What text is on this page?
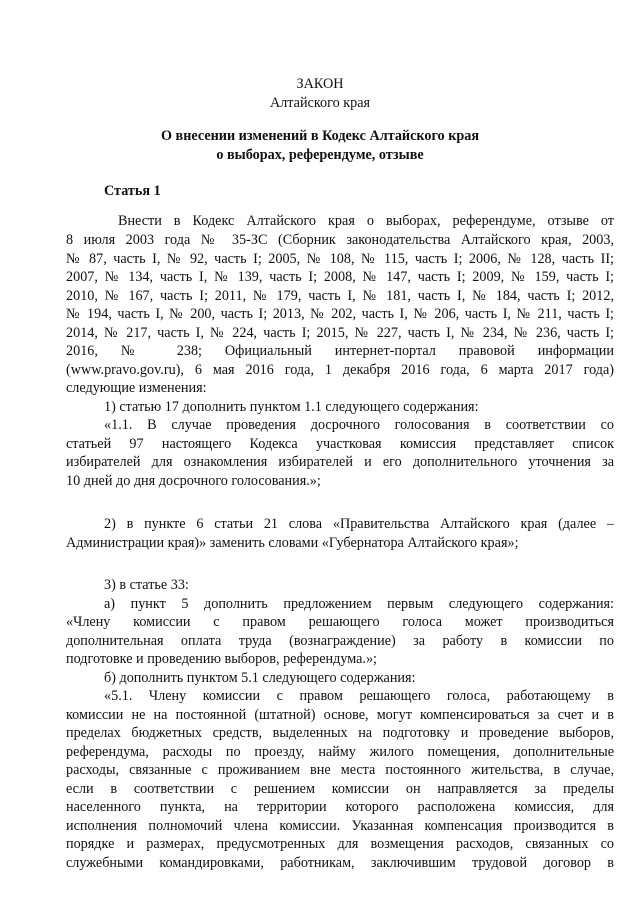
ЗАКОН
Алтайского края
О внесении изменений в Кодекс Алтайского края
о выборах, референдуме, отзыве
Статья 1
Внести в Кодекс Алтайского края о выборах, референдуме, отзыве от
8 июля 2003 года № 35-ЗС (Сборник законодательства Алтайского края, 2003,
№ 87, часть I, № 92, часть I; 2005, № 108, № 115, часть I; 2006, № 128, часть II;
2007, № 134, часть I, № 139, часть I; 2008, № 147, часть I; 2009, № 159, часть I;
2010, № 167, часть I; 2011, № 179, часть I, № 181, часть I, № 184, часть I; 2012,
№ 194, часть I, № 200, часть I; 2013, № 202, часть I, № 206, часть I, № 211, часть I;
2014, № 217, часть I, № 224, часть I; 2015, № 227, часть I, № 234, № 236, часть I;
2016, № 238; Официальный интернет-портал правовой информации
(www.pravo.gov.ru), 6 мая 2016 года, 1 декабря 2016 года, 6 марта 2017 года)
следующие изменения:
1) статью 17 дополнить пунктом 1.1 следующего содержания:
«1.1. В случае проведения досрочного голосования в соответствии со
статьей 97 настоящего Кодекса участковая комиссия представляет список
избирателей для ознакомления избирателей и его дополнительного уточнения за
10 дней до дня досрочного голосования.»;
2) в пункте 6 статьи 21 слова «Правительства Алтайского края (далее –
Администрации края)» заменить словами «Губернатора Алтайского края»;
3) в статье 33:
а) пункт 5 дополнить предложением первым следующего содержания:
«Члену комиссии с правом решающего голоса может производиться
дополнительная оплата труда (вознаграждение) за работу в комиссии по
подготовке и проведению выборов, референдума.»;
б) дополнить пунктом 5.1 следующего содержания:
«5.1. Члену комиссии с правом решающего голоса, работающему в
комиссии не на постоянной (штатной) основе, могут компенсироваться за счет и в
пределах бюджетных средств, выделенных на подготовку и проведение выборов,
референдума, расходы по проезду, найму жилого помещения, дополнительные
расходы, связанные с проживанием вне места постоянного жительства, в случае,
если в соответствии с решением комиссии он направляется за пределы
населенного пункта, на территории которого расположена комиссия, для
исполнения полномочий члена комиссии. Указанная компенсация производится в
порядке и размерах, предусмотренных для возмещения расходов, связанных со
служебными командировками, работникам, заключившим трудовой договор в
